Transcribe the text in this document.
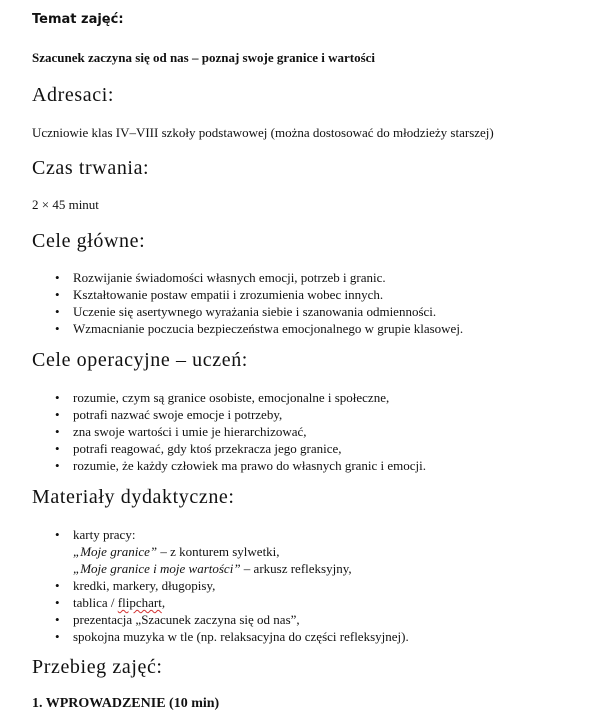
Temat zajęć:
Szacunek zaczyna się od nas – poznaj swoje granice i wartości
Adresaci:
Uczniowie klas IV–VIII szkoły podstawowej (można dostosować do młodzieży starszej)
Czas trwania:
2 × 45 minut
Cele główne:
• Rozwijanie świadomości własnych emocji, potrzeb i granic.
• Kształtowanie postaw empatii i zrozumienia wobec innych.
• Uczenie się asertywnego wyrażania siebie i szanowania odmienności.
• Wzmacnianie poczucia bezpieczeństwa emocjonalnego w grupie klasowej.
Cele operacyjne – uczeń:
• rozumie, czym są granice osobiste, emocjonalne i społeczne,
• potrafi nazwać swoje emocje i potrzeby,
• zna swoje wartości i umie je hierarchizować,
• potrafi reagować, gdy ktoś przekracza jego granice,
• rozumie, że każdy człowiek ma prawo do własnych granic i emocji.
Materiały dydaktyczne:
• karty pracy:
„Moje granice” – z konturem sylwetki,
„Moje granice i moje wartości” – arkusz refleksyjny,
• kredki, markery, długopisy,
• tablica / flipchart,
• prezentacja „Szacunek zaczyna się od nas”,
• spokojna muzyka w tle (np. relaksacyjna do części refleksyjnej).
Przebieg zajęć:
1. WPROWADZENIE (10 min)
